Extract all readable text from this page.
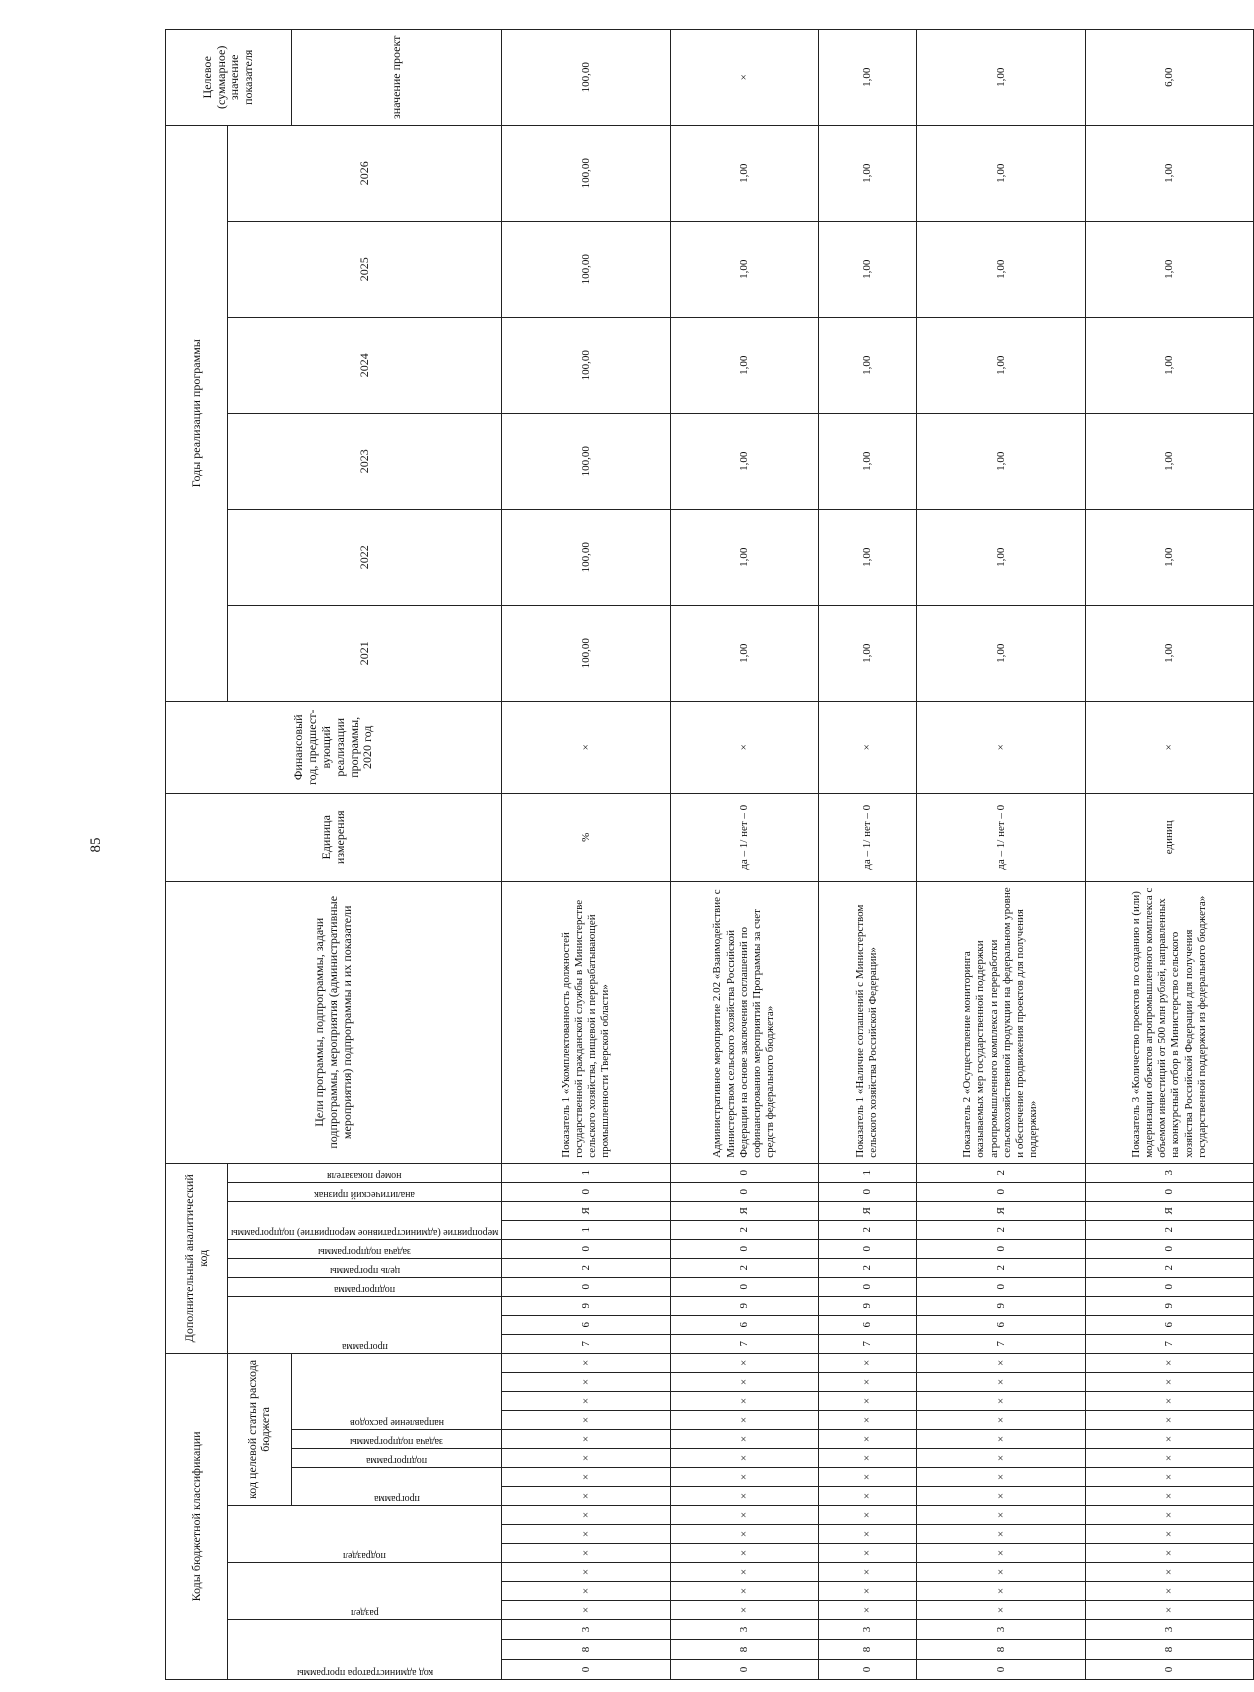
85
Коды бюджетной классификации																	Дополнительный аналитический код										Цели программы, подпрограммы, задачи подпрограммы, мероприятия (административные мероприятия) подпрограммы и их показатели	Единица измерения	Финансовый год, предшествующий реализации программы, 2020 год	Годы реализации программы						Целевое (суммарное) значение показателя

код администратора программы			раздел			подраздел			код целевой статьи расхода бюджета								программа			подпрограмма	цель программы	задача подпрограммы	мероприятие (административное мероприятие) подпрограммы		аналитический признак	номер показателя				2021	2022	2023	2024	2025	2026	

									программа		подпрограмма	задача подпрограммы	направление расходов																							значение проект
0	8	3	×	×	×	×	×	×	×	×	×	×	×	×	×	×	7	6	9	0	2	0	1	Я	0	1	Показатель 1 «Укомплектованность должностей государственной гражданской службы в Министерстве сельского хозяйства, пищевой и перерабатывающей промышленности Тверской области»	%	×	100,00	100,00	100,00	100,00	100,00	100,00	100,00
0	8	3	×	×	×	×	×	×	×	×	×	×	×	×	×	×	7	6	9	0	2	0	2	Я	0	0	Административное мероприятие 2.02 «Взаимодействие с Министерством сельского хозяйства Российской Федерации на основе заключения соглашений по софинансированию мероприятий Программы за счет средств федерального бюджета»	да – 1/ нет – 0	×	1,00	1,00	1,00	1,00	1,00	1,00	×
0	8	3	×	×	×	×	×	×	×	×	×	×	×	×	×	×	7	6	9	0	2	0	2	Я	0	1	Показатель 1 «Наличие соглашений с Министерством сельского хозяйства Российской Федерации»	да – 1/ нет – 0	×	1,00	1,00	1,00	1,00	1,00	1,00	1,00
0	8	3	×	×	×	×	×	×	×	×	×	×	×	×	×	×	7	6	9	0	2	0	2	Я	0	2	Показатель 2 «Осуществление мониторинга оказываемых мер государственной поддержки агропромышленного комплекса и переработки сельскохозяйственной продукции на федеральном уровне и обеспечение продвижения проектов для получения поддержки»	да – 1/ нет – 0	×	1,00	1,00	1,00	1,00	1,00	1,00	1,00
0	8	3	×	×	×	×	×	×	×	×	×	×	×	×	×	×	7	6	9	0	2	0	2	Я	0	3	Показатель 3 «Количество проектов по созданию и (или) модернизации объектов агропромышленного комплекса с объемом инвестиций от 500 млн рублей, направленных на конкурсный отбор в Министерство сельского хозяйства Российской Федерации для получения государственной поддержки из федерального бюджета»	единиц	×	1,00	1,00	1,00	1,00	1,00	1,00	6,00
